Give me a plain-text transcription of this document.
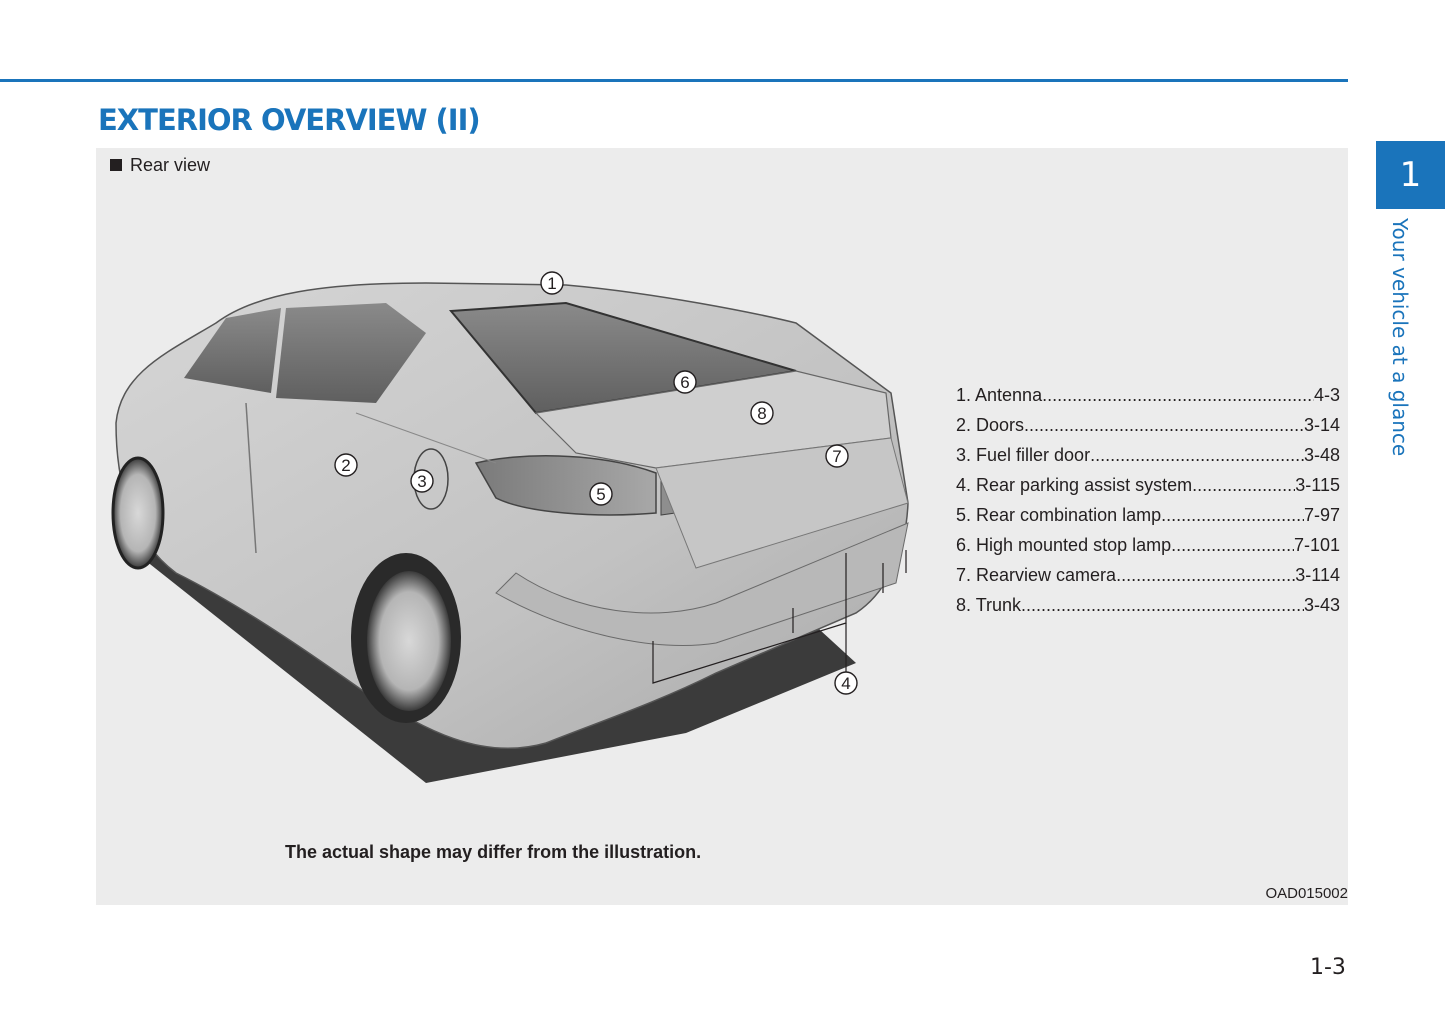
EXTERIOR OVERVIEW (II)
1
Your vehicle at a glance
Rear view
1
2
3
4
5
6
7
8
1. Antenna .....	4-3
2. Doors .....	3-14
3. Fuel filler door .....	3-48
4. Rear parking assist system .....	3-115
5. Rear combination lamp .....	7-97
6. High mounted stop lamp .....	7-101
7. Rearview camera .....	3-114
8. Trunk .....	3-43
The actual shape may differ from the illustration.
OAD015002
1-3
